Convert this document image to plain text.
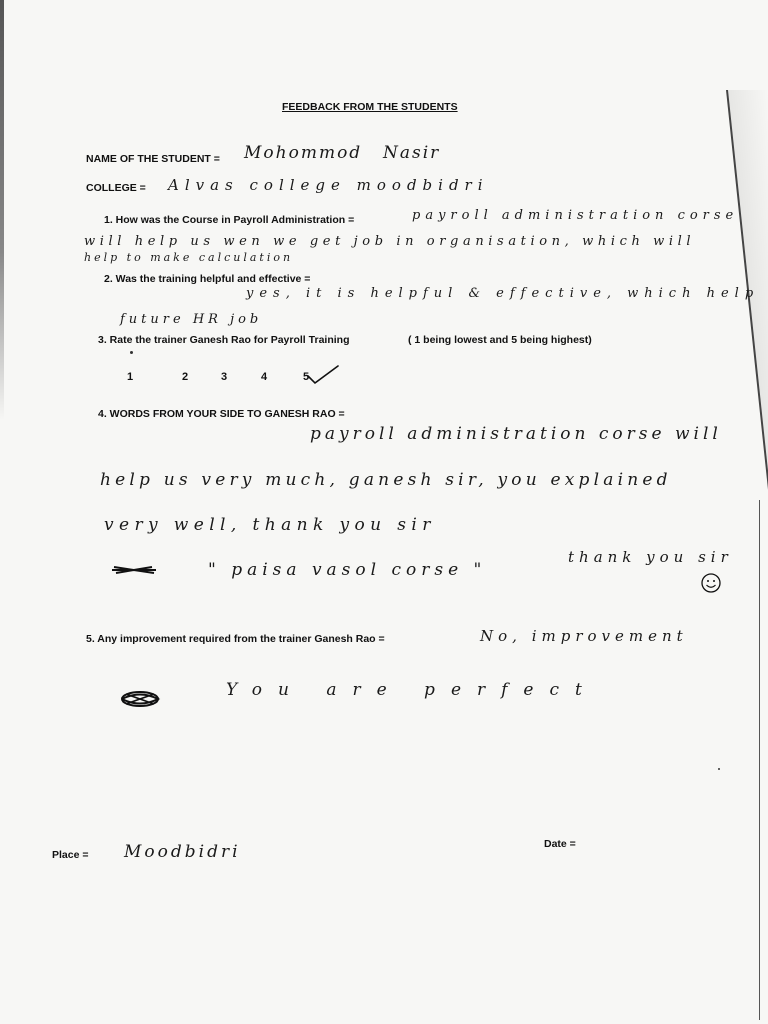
FEEDBACK FROM THE STUDENTS
NAME OF THE STUDENT = Mohommod Nasir
COLLEGE = Alvas college moodbidri
1. How was the Course in Payroll Administration =	payroll administration corse
will help us wen we get job in organisation, which will
help to make calculation
2. Was the training helpful and effective =
yes, it is helpful & effective, which help
future HR job
3. Rate the trainer Ganesh Rao for Payroll Training	( 1 being lowest and 5 being highest)
1	2	3	4	5
4. WORDS FROM YOUR SIDE TO GANESH RAO =
payroll administration corse will
help us very much, ganesh sir, you explained
very well, thank you sir
" paisa vasol corse "
thank you sir
5. Any improvement required from the trainer Ganesh Rao =	No, improvement
You are perfect
Place = Moodbidri	Date =
